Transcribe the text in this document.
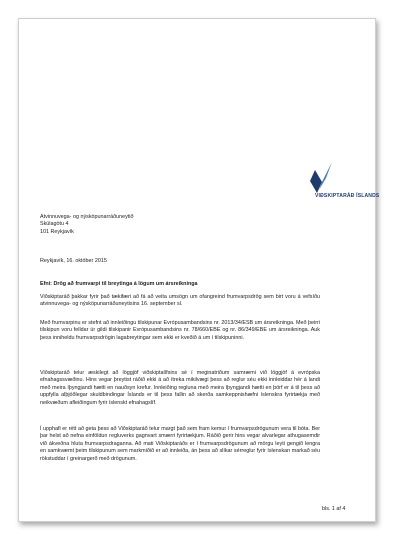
VIÐSKIPTARÁÐ ÍSLANDS
Atvinnuvega- og nýsköpunarráðuneytið
Skúlagötu 4
101 Reykjavík
Reykjavík, 16. október 2015
Efni: Drög að frumvarpi til breytinga á lögum um ársreikninga
Viðskiptaráð þakkar fyrir það tækifæri að fá að veita umsögn um ofangreind frumvarpsdrög sem birt voru á vefsíðu atvinnuvega- og nýsköpunarráðuneytisins 16. september sl.
Með frumvarpinu er stefnt að innleiðingu tilskipunar Evrópusambandsins nr. 2013/34/ESB um ársreikninga. Með þeirri tilskipun voru felldar úr gildi tilskipanir Evrópusambandsins nr. 78/660/EBE og nr. 86/349/EBE um ársreikninga. Auk þess inniheldu frumvarpsdrögin lagabreytingar sem ekki er kveðið á um í tilskipuninni.
Viðskiptaráð telur æskilegt að löggjöf viðskiptalífsins sé í meginatriðum samræmi við löggjöf á evrópska efnahagssvæðinu. Hins vegar þreytist ráðið ekki á að ítreka mikilvægi þess að reglur séu ekki innleiddar hér á landi með meira íþyngjandi hætti en nauðsyn krefur. Innleiðing regluna með meira íþyngjandi hætti en þörf er á til þess að uppfylla alþjóðlegar skuldbindingar Íslands er til þess fallin að skerða samkeppnishæfni íslenskra fyrirtækja með neikvæðum afleiðingum fyrir íslenskt efnahagslíf.
Í upphafi er rétt að geta þess að Viðskiptaráð telur margt það sem fram kemur í frumvarpsdrögunum vera til bóta. Ber þar helst að nefna einföldun regluverks gagnvart smærri fyrirtækjum. Ráðið gerir hins vegar alvarlegar athugasemdir við ákveðna hluta frumvarpsdraganna. Að mati Viðskiptaráðs er í frumvarpsdrögunum að mörgu leyti gengið lengra en samkvæmt þeim tilskipunum sem markmiðið er að innleiða, án þess að slíkar sérreglur fyrir íslenskan markað séu rökstuddar í greinargerð með drögunum.
bls. 1 af 4
